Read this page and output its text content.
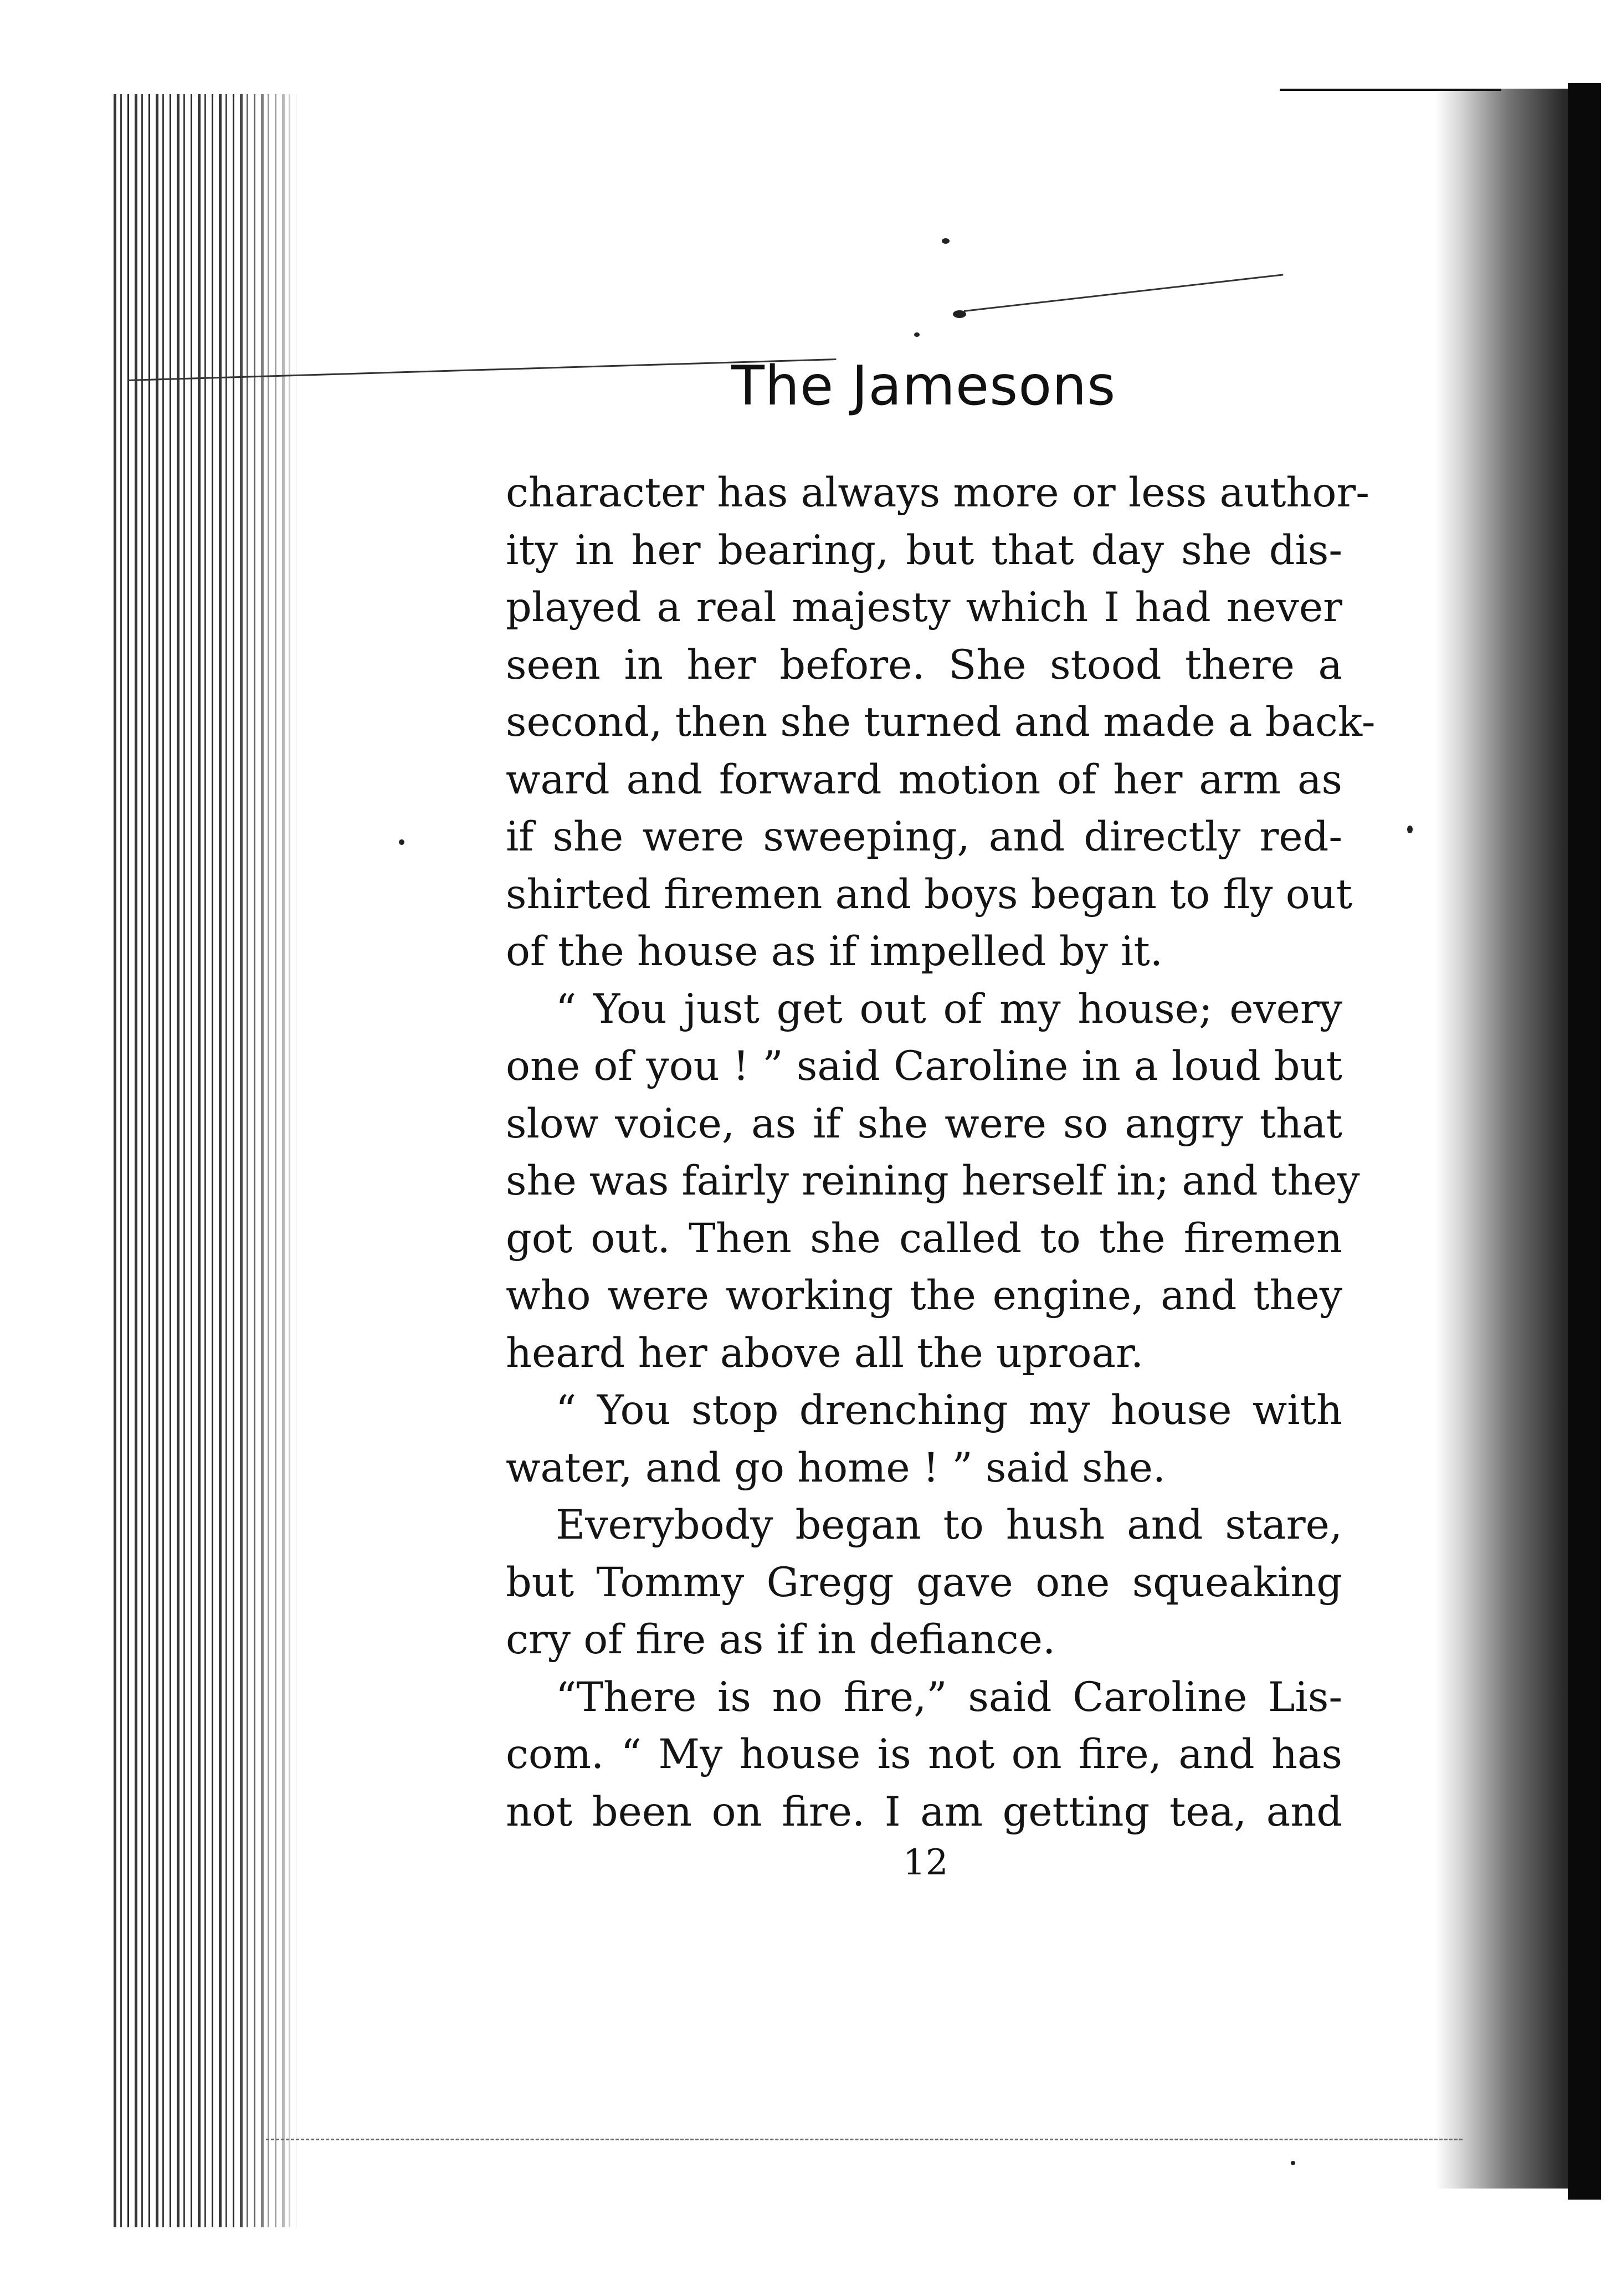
The Jamesons
character has always more or less author-
ity in her bearing, but that day she dis-
played a real majesty which I had never
seen in her before. She stood there a
second, then she turned and made a back-
ward and forward motion of her arm as
if she were sweeping, and directly red-
shirted firemen and boys began to fly out
of the house as if impelled by it.
“ You just get out of my house; every
one of you ! ” said Caroline in a loud but
slow voice, as if she were so angry that
she was fairly reining herself in; and they
got out. Then she called to the firemen
who were working the engine, and they
heard her above all the uproar.
“ You stop drenching my house with
water, and go home ! ” said she.
Everybody began to hush and stare,
but Tommy Gregg gave one squeaking
cry of fire as if in defiance.
“There is no fire,” said Caroline Lis-
com. “ My house is not on fire, and has
not been on fire. I am getting tea, and
12
